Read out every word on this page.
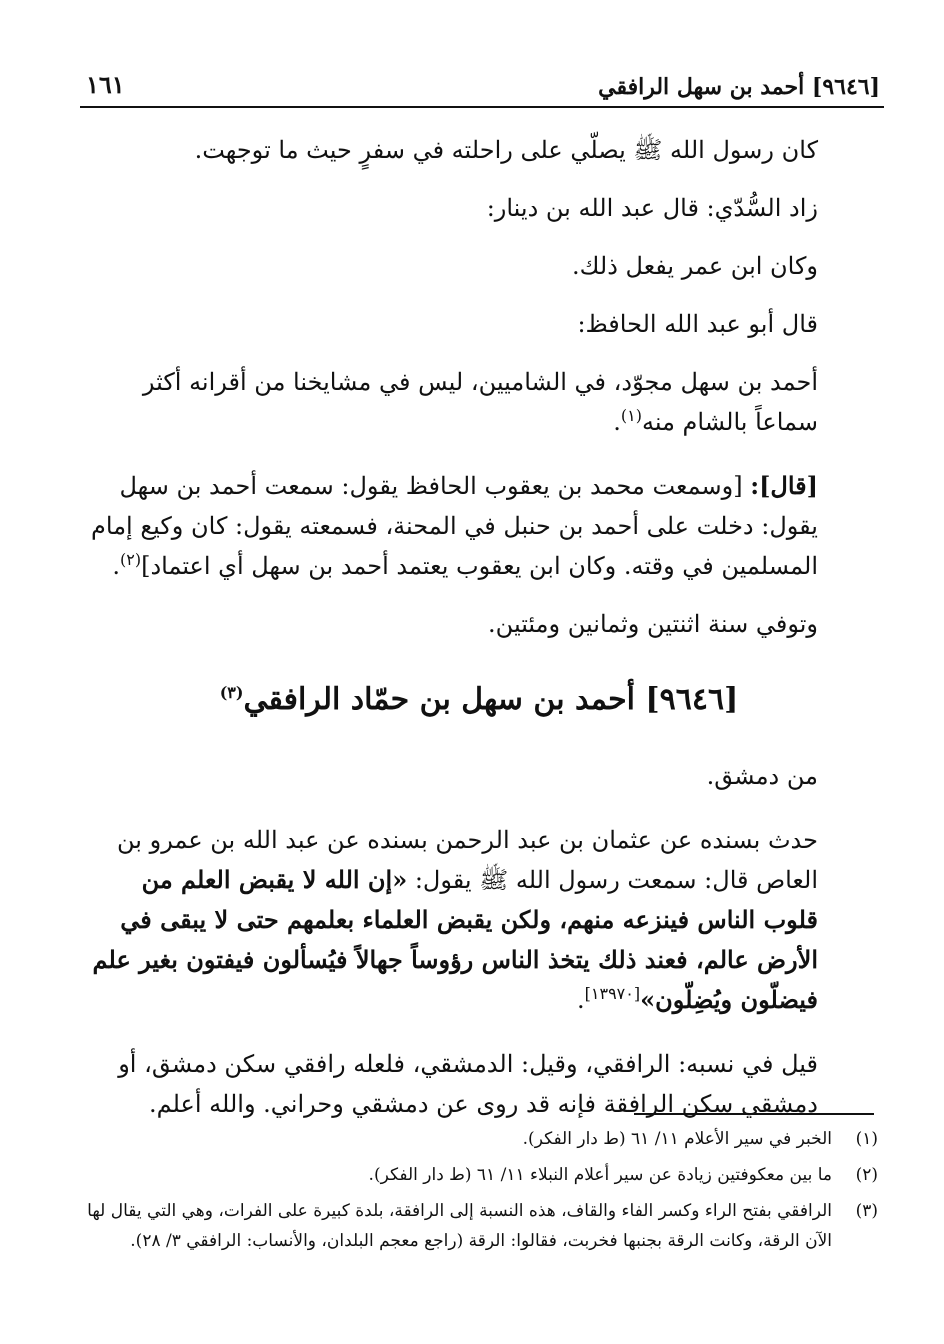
[٩٦٤٦] أحمد بن سهل الرافقي
١٦١

كان رسول الله ﷺ يصلّي على راحلته في سفرٍ حيث ما توجهت.

زاد السُّدّي: قال عبد الله بن دينار:

وكان ابن عمر يفعل ذلك.

قال أبو عبد الله الحافظ:

أحمد بن سهل مجوّد، في الشاميين، ليس في مشايخنا من أقرانه أكثر سماعاً بالشام منه$^{(١)}$.

[قال]: [وسمعت محمد بن يعقوب الحافظ يقول: سمعت أحمد بن سهل يقول: دخلت على أحمد بن حنبل في المحنة، فسمعته يقول: كان وكيع إمام المسلمين في وقته. وكان ابن يعقوب يعتمد أحمد بن سهل أي اعتماد]$^{(٢)}$.

وتوفي سنة اثنتين وثمانين ومئتين.

[٩٦٤٦] أحمد بن سهل بن حمّاد الرافقي$^{(٣)}$

من دمشق.

حدث بسنده عن عثمان بن عبد الرحمن بسنده عن عبد الله بن عمرو بن العاص قال: سمعت رسول الله ﷺ يقول: «إن الله لا يقبض العلم من قلوب الناس فينزعه منهم، ولكن يقبض العلماء بعلمهم حتى لا يبقى في الأرض عالم، فعند ذلك يتخذ الناس رؤوساً جهالاً فيُسألون فيفتون بغير علم فيضلّون ويُضِلّون»[١٣٩٧٠].

قيل في نسبه: الرافقي، وقيل: الدمشقي، فلعله رافقي سكن دمشق، أو دمشقي سكن الرافقة فإنه قد روى عن دمشقي وحراني. والله أعلم.

(١)
الخبر في سير الأعلام ١١/ ٦١ (ط دار الفكر).
(٢)
ما بين معكوفتين زيادة عن سير أعلام النبلاء ١١/ ٦١ (ط دار الفكر).
(٣)
الرافقي بفتح الراء وكسر الفاء والقاف، هذه النسبة إلى الرافقة، بلدة كبيرة على الفرات، وهي التي يقال لها الآن الرقة، وكانت الرقة بجنبها فخربت، فقالوا: الرقة (راجع معجم البلدان، والأنساب: الرافقي ٣/ ٢٨).
